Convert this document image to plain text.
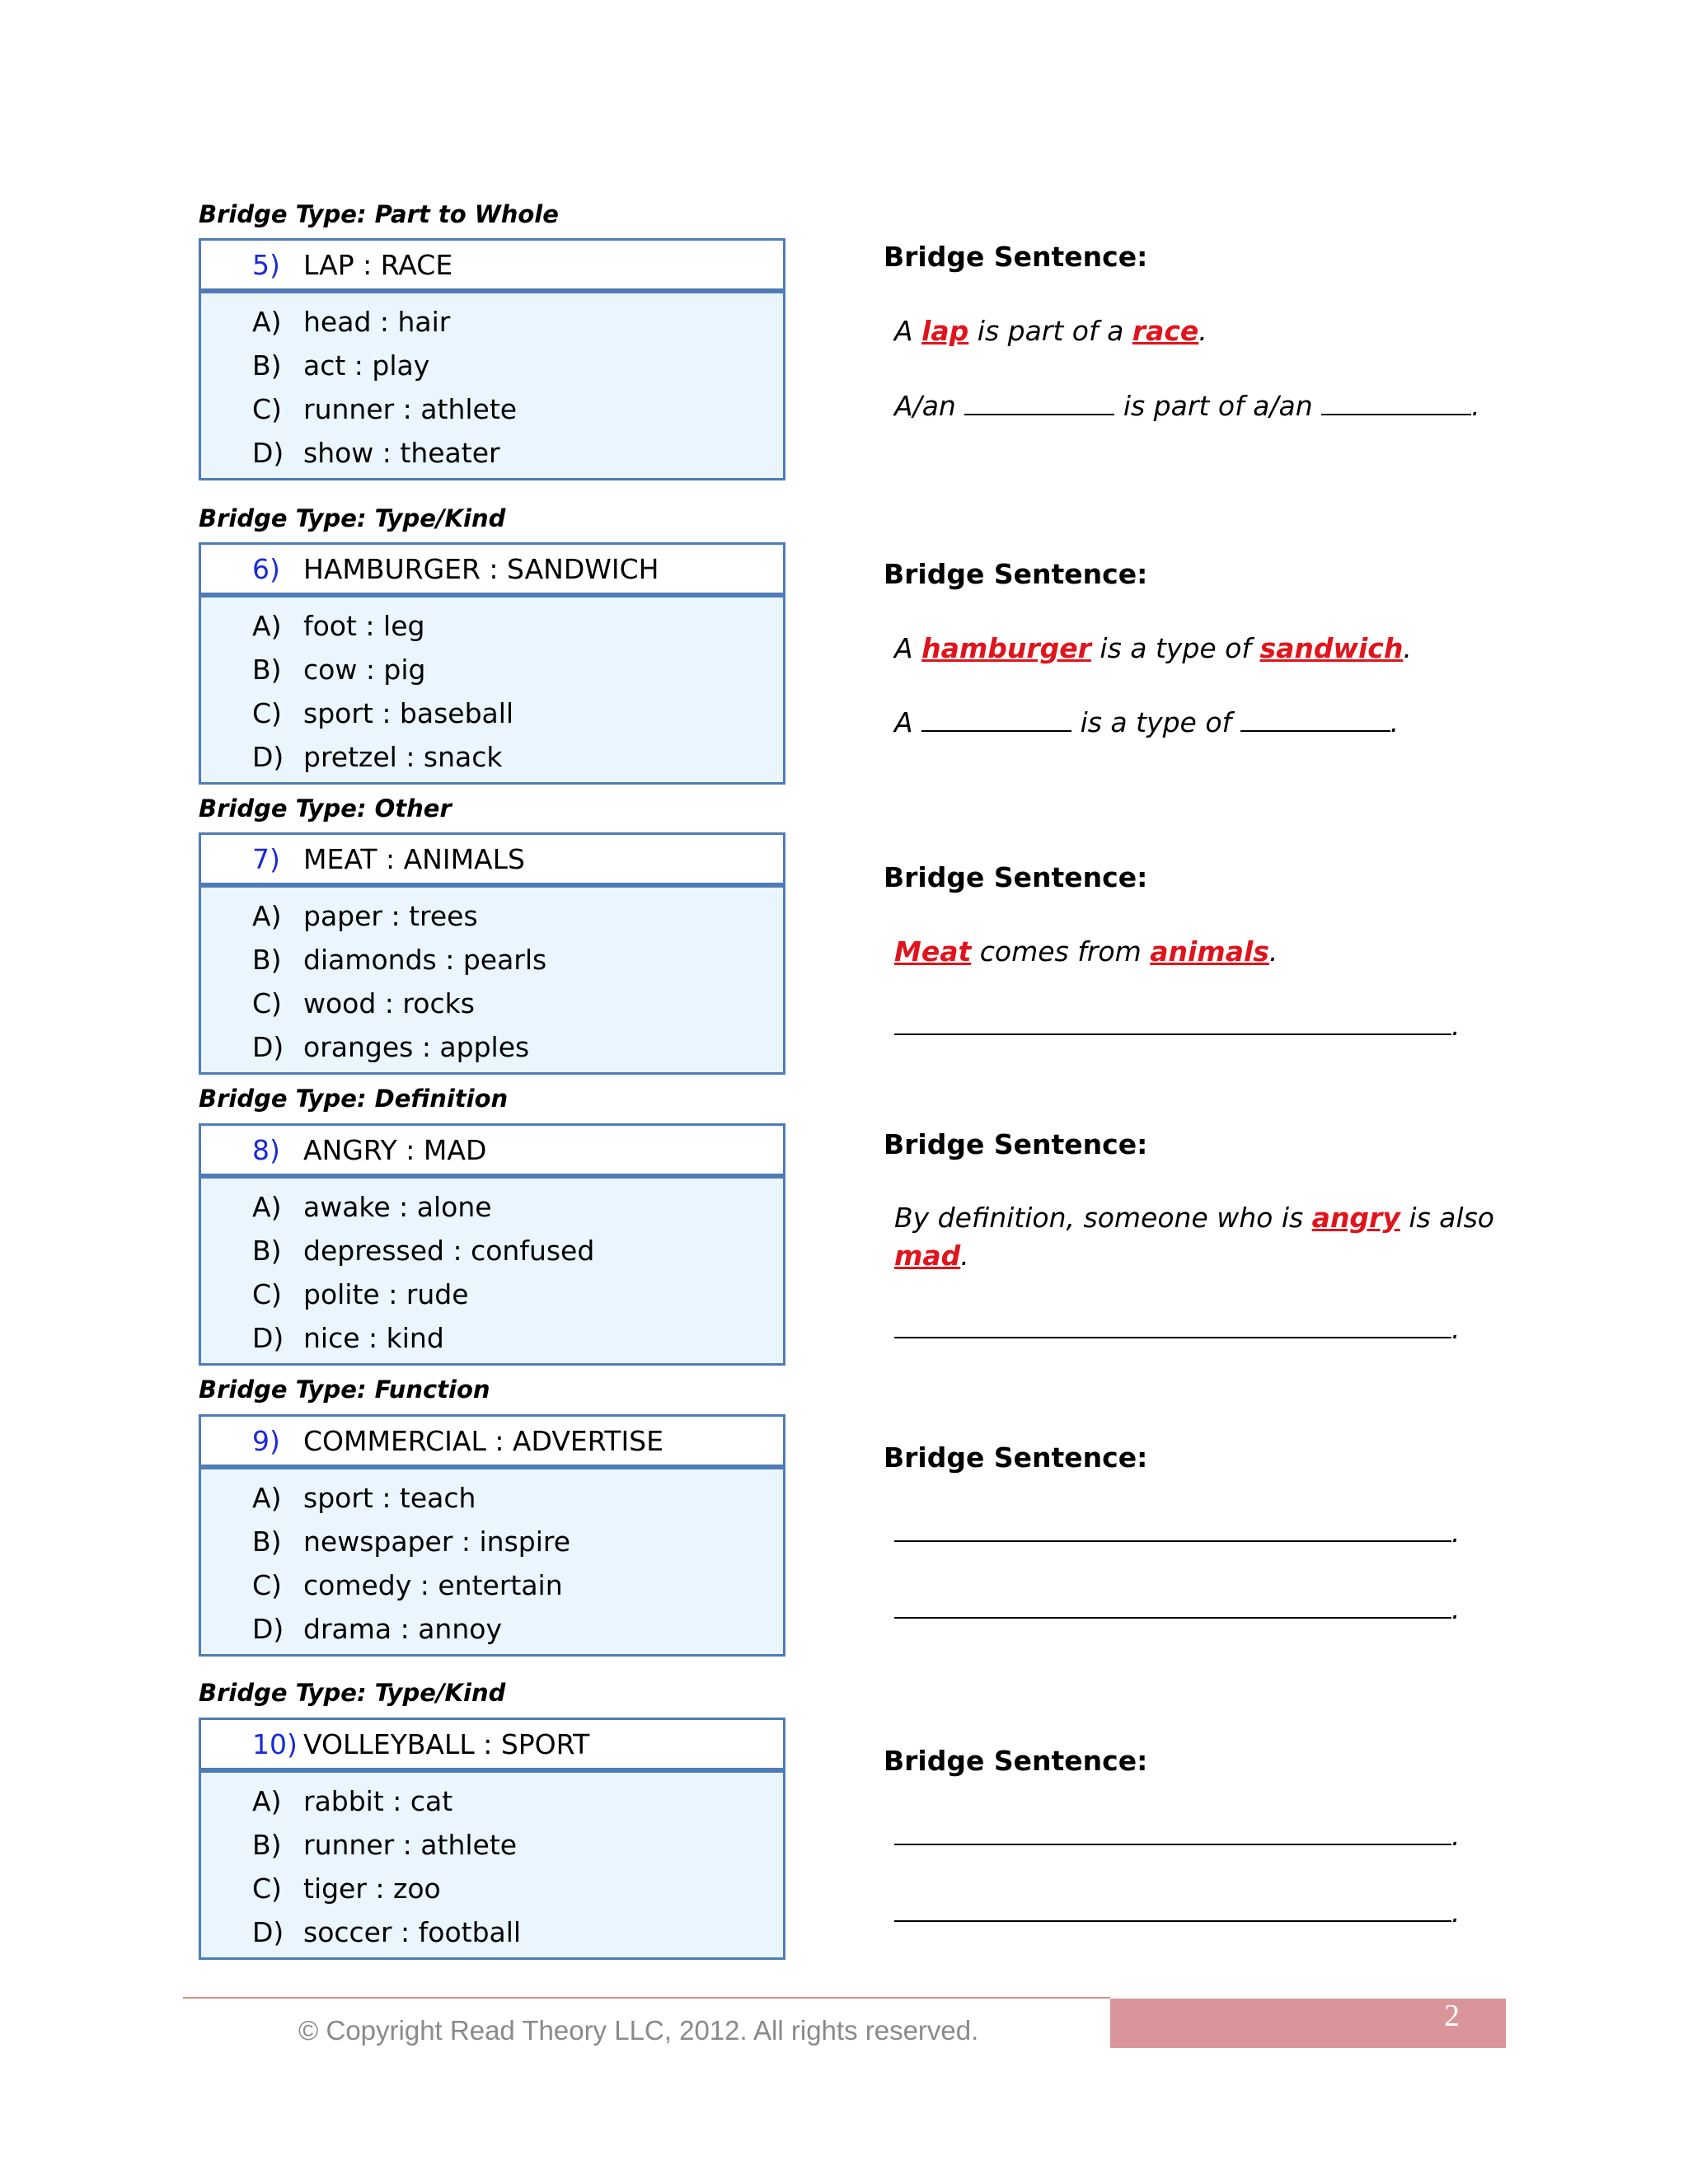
Bridge Type: Part to Whole
5) LAP : RACE
A) head : hair
B) act : play
C) runner : athlete
D) show : theater
Bridge Type: Type/Kind
6) HAMBURGER : SANDWICH
A) foot : leg
B) cow : pig
C) sport : baseball
D) pretzel : snack
Bridge Type: Other
7) MEAT : ANIMALS
A) paper : trees
B) diamonds : pearls
C) wood : rocks
D) oranges : apples
Bridge Type: Definition
8) ANGRY : MAD
A) awake : alone
B) depressed : confused
C) polite : rude
D) nice : kind
Bridge Type: Function
9) COMMERCIAL : ADVERTISE
A) sport : teach
B) newspaper : inspire
C) comedy : entertain
D) drama : annoy
Bridge Type: Type/Kind
10) VOLLEYBALL : SPORT
A) rabbit : cat
B) runner : athlete
C) tiger : zoo
D) soccer : football
Bridge Sentence:
A lap is part of a race.
A/an	is part of a/an	.
Bridge Sentence:
A hamburger is a type of sandwich.
A	is a type of	.
Bridge Sentence:
Meat comes from animals.
.
Bridge Sentence:
By definition, someone who is angry is also
mad.
.
Bridge Sentence:
.
.
Bridge Sentence:
.
.
2
© Copyright Read Theory LLC, 2012. All rights reserved.
